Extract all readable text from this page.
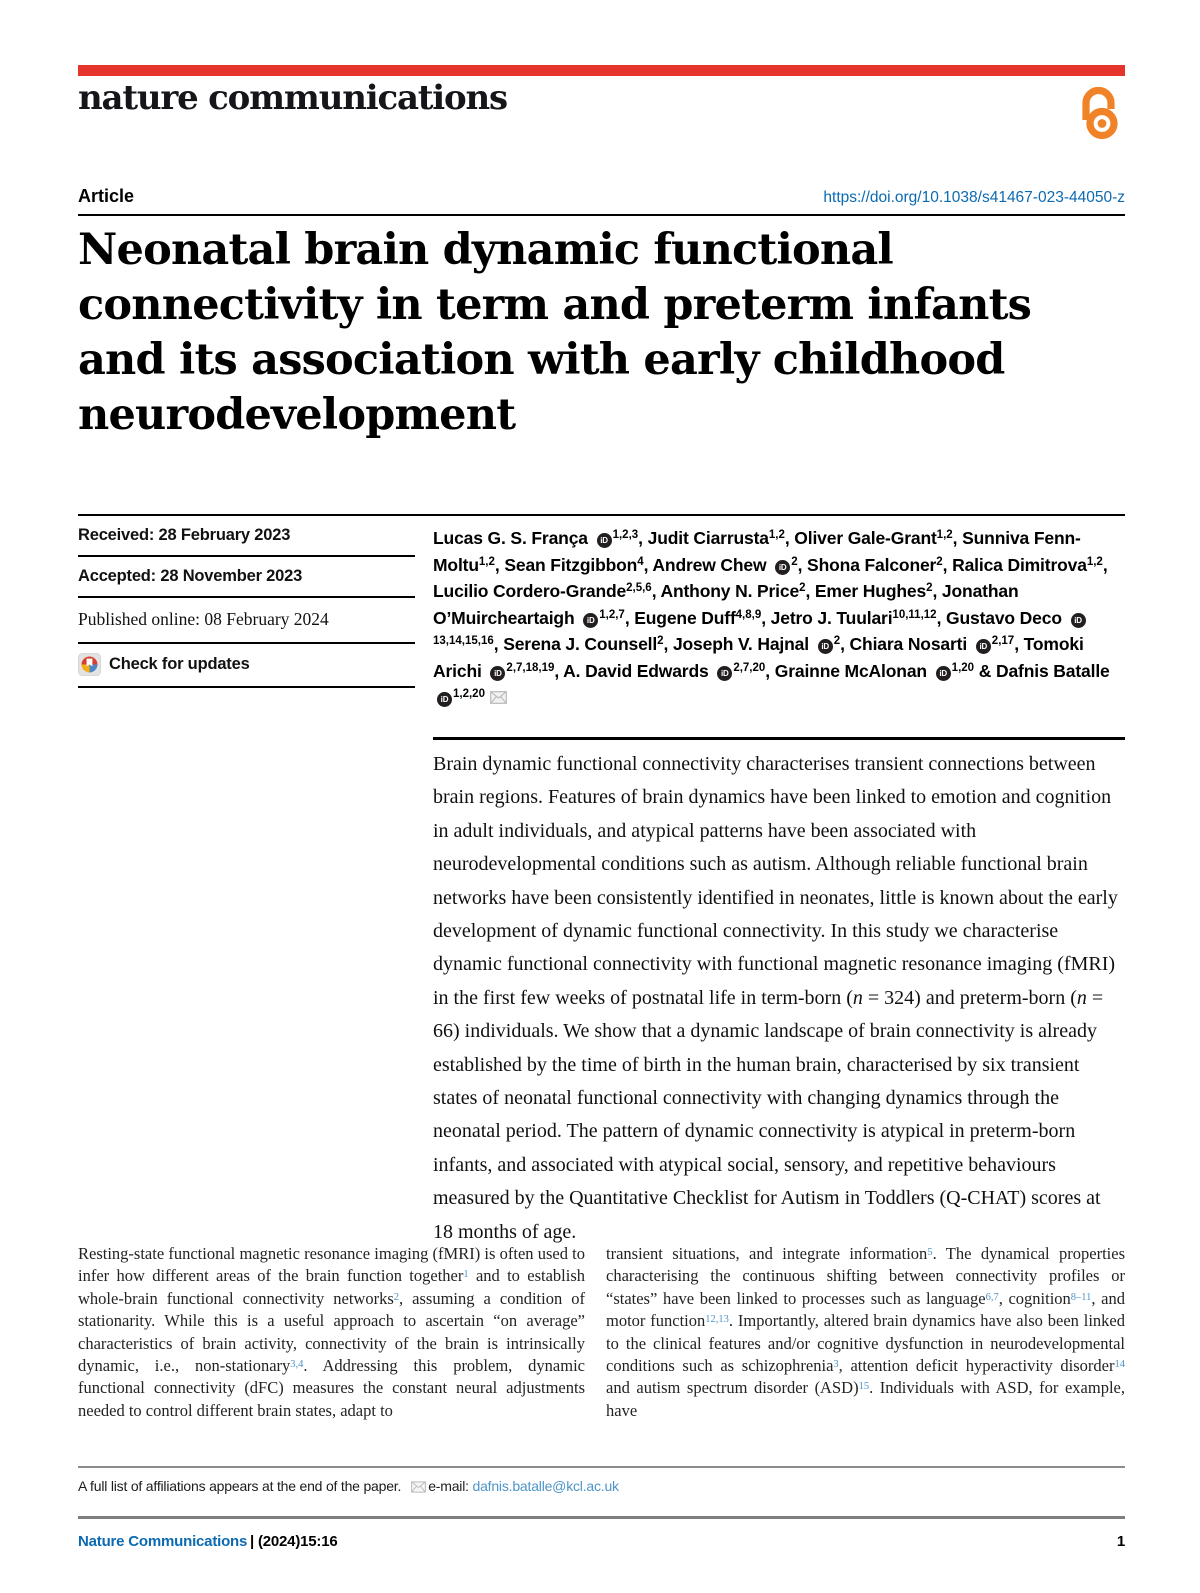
nature communications
Article	https://doi.org/10.1038/s41467-023-44050-z
Neonatal brain dynamic functional connectivity in term and preterm infants and its association with early childhood neurodevelopment
Received: 28 February 2023
Accepted: 28 November 2023
Published online: 08 February 2024
Check for updates
Lucas G. S. França iD $^{1,2,3}$, Judit Ciarrusta$^{1,2}$, Oliver Gale-Grant$^{1,2}$, Sunniva Fenn-Moltu$^{1,2}$, Sean Fitzgibbon$^4$, Andrew Chew iD $^2$, Shona Falconer$^2$, Ralica Dimitrova$^{1,2}$, Lucilio Cordero-Grande$^{2,5,6}$, Anthony N. Price$^2$, Emer Hughes$^2$, Jonathan O’Muircheartaigh iD $^{1,2,7}$, Eugene Duff$^{4,8,9}$, Jetro J. Tuulari$^{10,11,12}$, Gustavo Deco iD$^{13,14,15,16}$, Serena J. Counsell$^2$, Joseph V. Hajnal iD $^2$, Chiara Nosarti iD $^{2,17}$, Tomoki Arichi iD $^{2,7,18,19}$, A. David Edwards iD $^{2,7,20}$, Grainne McAlonan iD $^{1,20}$ & Dafnis Batalle iD $^{1,2,20}$
Brain dynamic functional connectivity characterises transient connections between brain regions. Features of brain dynamics have been linked to emotion and cognition in adult individuals, and atypical patterns have been associated with neurodevelopmental conditions such as autism. Although reliable functional brain networks have been consistently identified in neonates, little is known about the early development of dynamic functional connectivity. In this study we characterise dynamic functional connectivity with functional magnetic resonance imaging (fMRI) in the first few weeks of postnatal life in term-born (n = 324) and preterm-born (n = 66) individuals. We show that a dynamic landscape of brain connectivity is already established by the time of birth in the human brain, characterised by six transient states of neonatal functional connectivity with changing dynamics through the neonatal period. The pattern of dynamic connectivity is atypical in preterm-born infants, and associated with atypical social, sensory, and repetitive behaviours measured by the Quantitative Checklist for Autism in Toddlers (Q-CHAT) scores at 18 months of age.
Resting-state functional magnetic resonance imaging (fMRI) is often used to infer how different areas of the brain function together$^1$ and to establish whole-brain functional connectivity networks$^2$, assuming a condition of stationarity. While this is a useful approach to ascertain “on average” characteristics of brain activity, connectivity of the brain is intrinsically dynamic, i.e., non-stationary$^{3,4}$. Addressing this problem, dynamic functional connectivity (dFC) measures the constant neural adjustments needed to control different brain states, adapt to
transient situations, and integrate information$^5$. The dynamical properties characterising the continuous shifting between connectivity profiles or “states” have been linked to processes such as language$^{6,7}$, cognition$^{8-11}$, and motor function$^{12,13}$. Importantly, altered brain dynamics have also been linked to the clinical features and/or cognitive dysfunction in neurodevelopmental conditions such as schizophrenia$^3$, attention deficit hyperactivity disorder$^{14}$ and autism spectrum disorder (ASD)$^{15}$. Individuals with ASD, for example, have
A full list of affiliations appears at the end of the paper. e-mail: dafnis.batalle@kcl.ac.uk
Nature Communications  | (2024)15:16	1
